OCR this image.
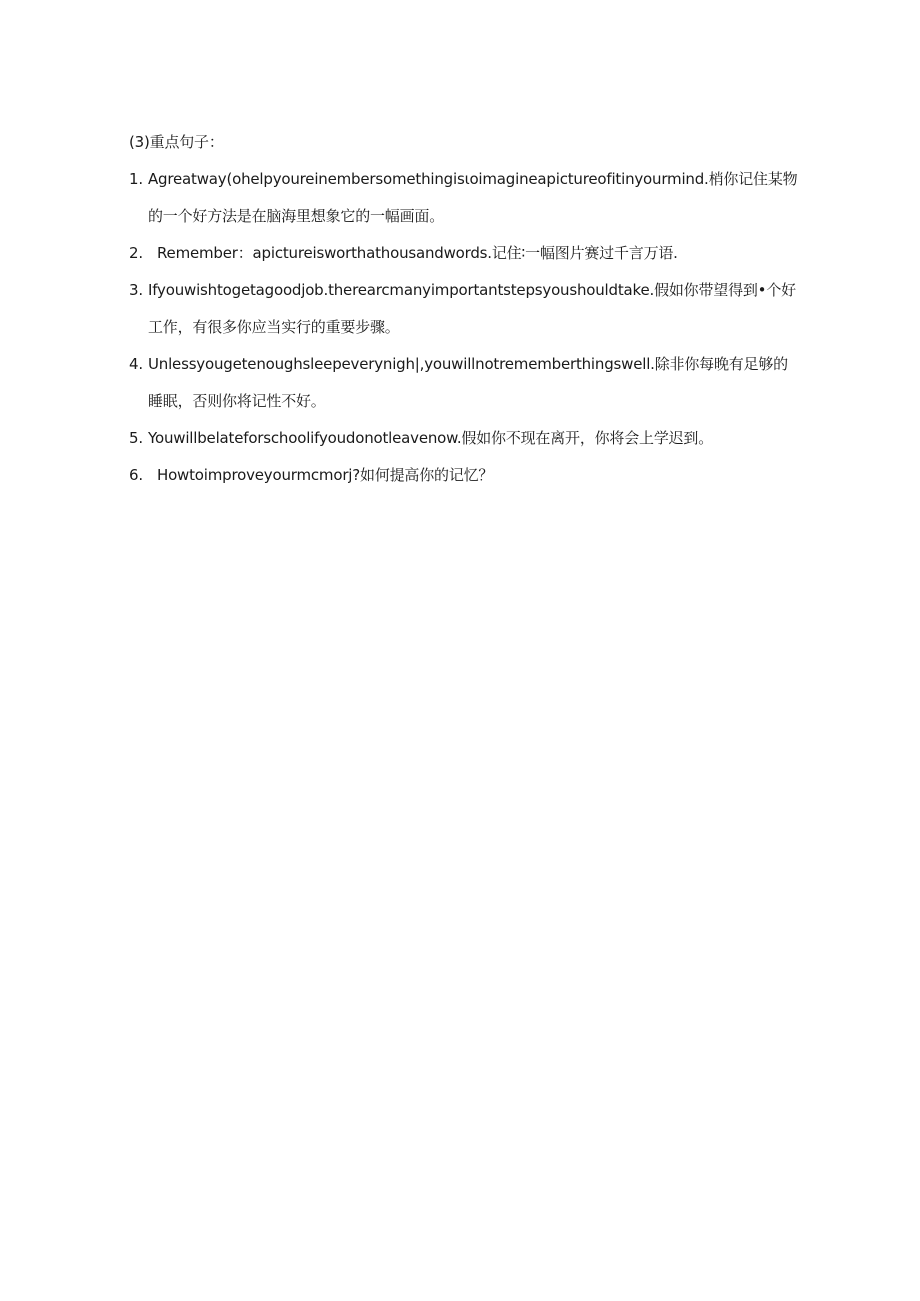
(3)重点句子：
1. Agreatway(ohelpyoureinembersomethingisιoimagineapictureofitinyourmind.梢你记住某物的一个好方法是在脑海里想象它的一幅画面。
2. Remember：apictureisworthathousandwords.记住∶一幅图片赛过千言万语.
3. Ifyouwishtogetagoodjob.therearcmanyimportantstepsyoushouldtake.假如你带望得到•个好工作，有很多你应当实行的重要步骤。
4. Unlessyougetenoughsleepeverynigh|,youwillnotrememberthingswell.除非你每晚有足够的睡眠，否则你将记性不好。
5. Youwillbelateforschoolifyoudonotleavenow.假如你不现在离开，你将会上学迟到。
6. Howtoimproveyourmcmorj?如何提高你的记忆？
